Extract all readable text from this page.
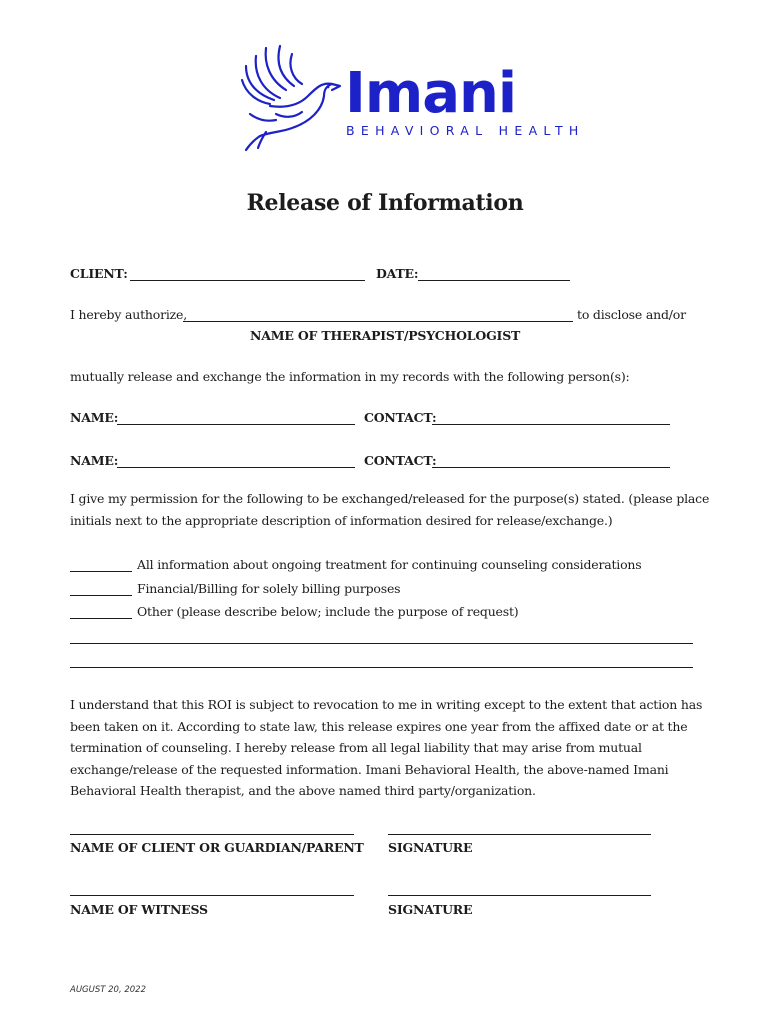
Imani
BEHAVIORAL HEALTH
Release of Information
CLIENT:	DATE:
I hereby authorize,	to disclose and/or
NAME OF THERAPIST/PSYCHOLOGIST
mutually release and exchange the information in my records with the following person(s):
NAME:	CONTACT:
NAME:	CONTACT:
I give my permission for the following to be exchanged/released for the purpose(s) stated. (please place initials next to the appropriate description of information desired for release/exchange.)
All information about ongoing treatment for continuing counseling considerations
Financial/Billing for solely billing purposes
Other (please describe below; include the purpose of request)
I understand that this ROI is subject to revocation to me in writing except to the extent that action has been taken on it. According to state law, this release expires one year from the affixed date or at the termination of counseling. I hereby release from all legal liability that may arise from mutual exchange/release of the requested information. Imani Behavioral Health, the above-named Imani Behavioral Health therapist, and the above named third party/organization.
NAME OF CLIENT OR GUARDIAN/PARENT SIGNATURE
NAME OF WITNESS	SIGNATURE
AUGUST 20, 2022
